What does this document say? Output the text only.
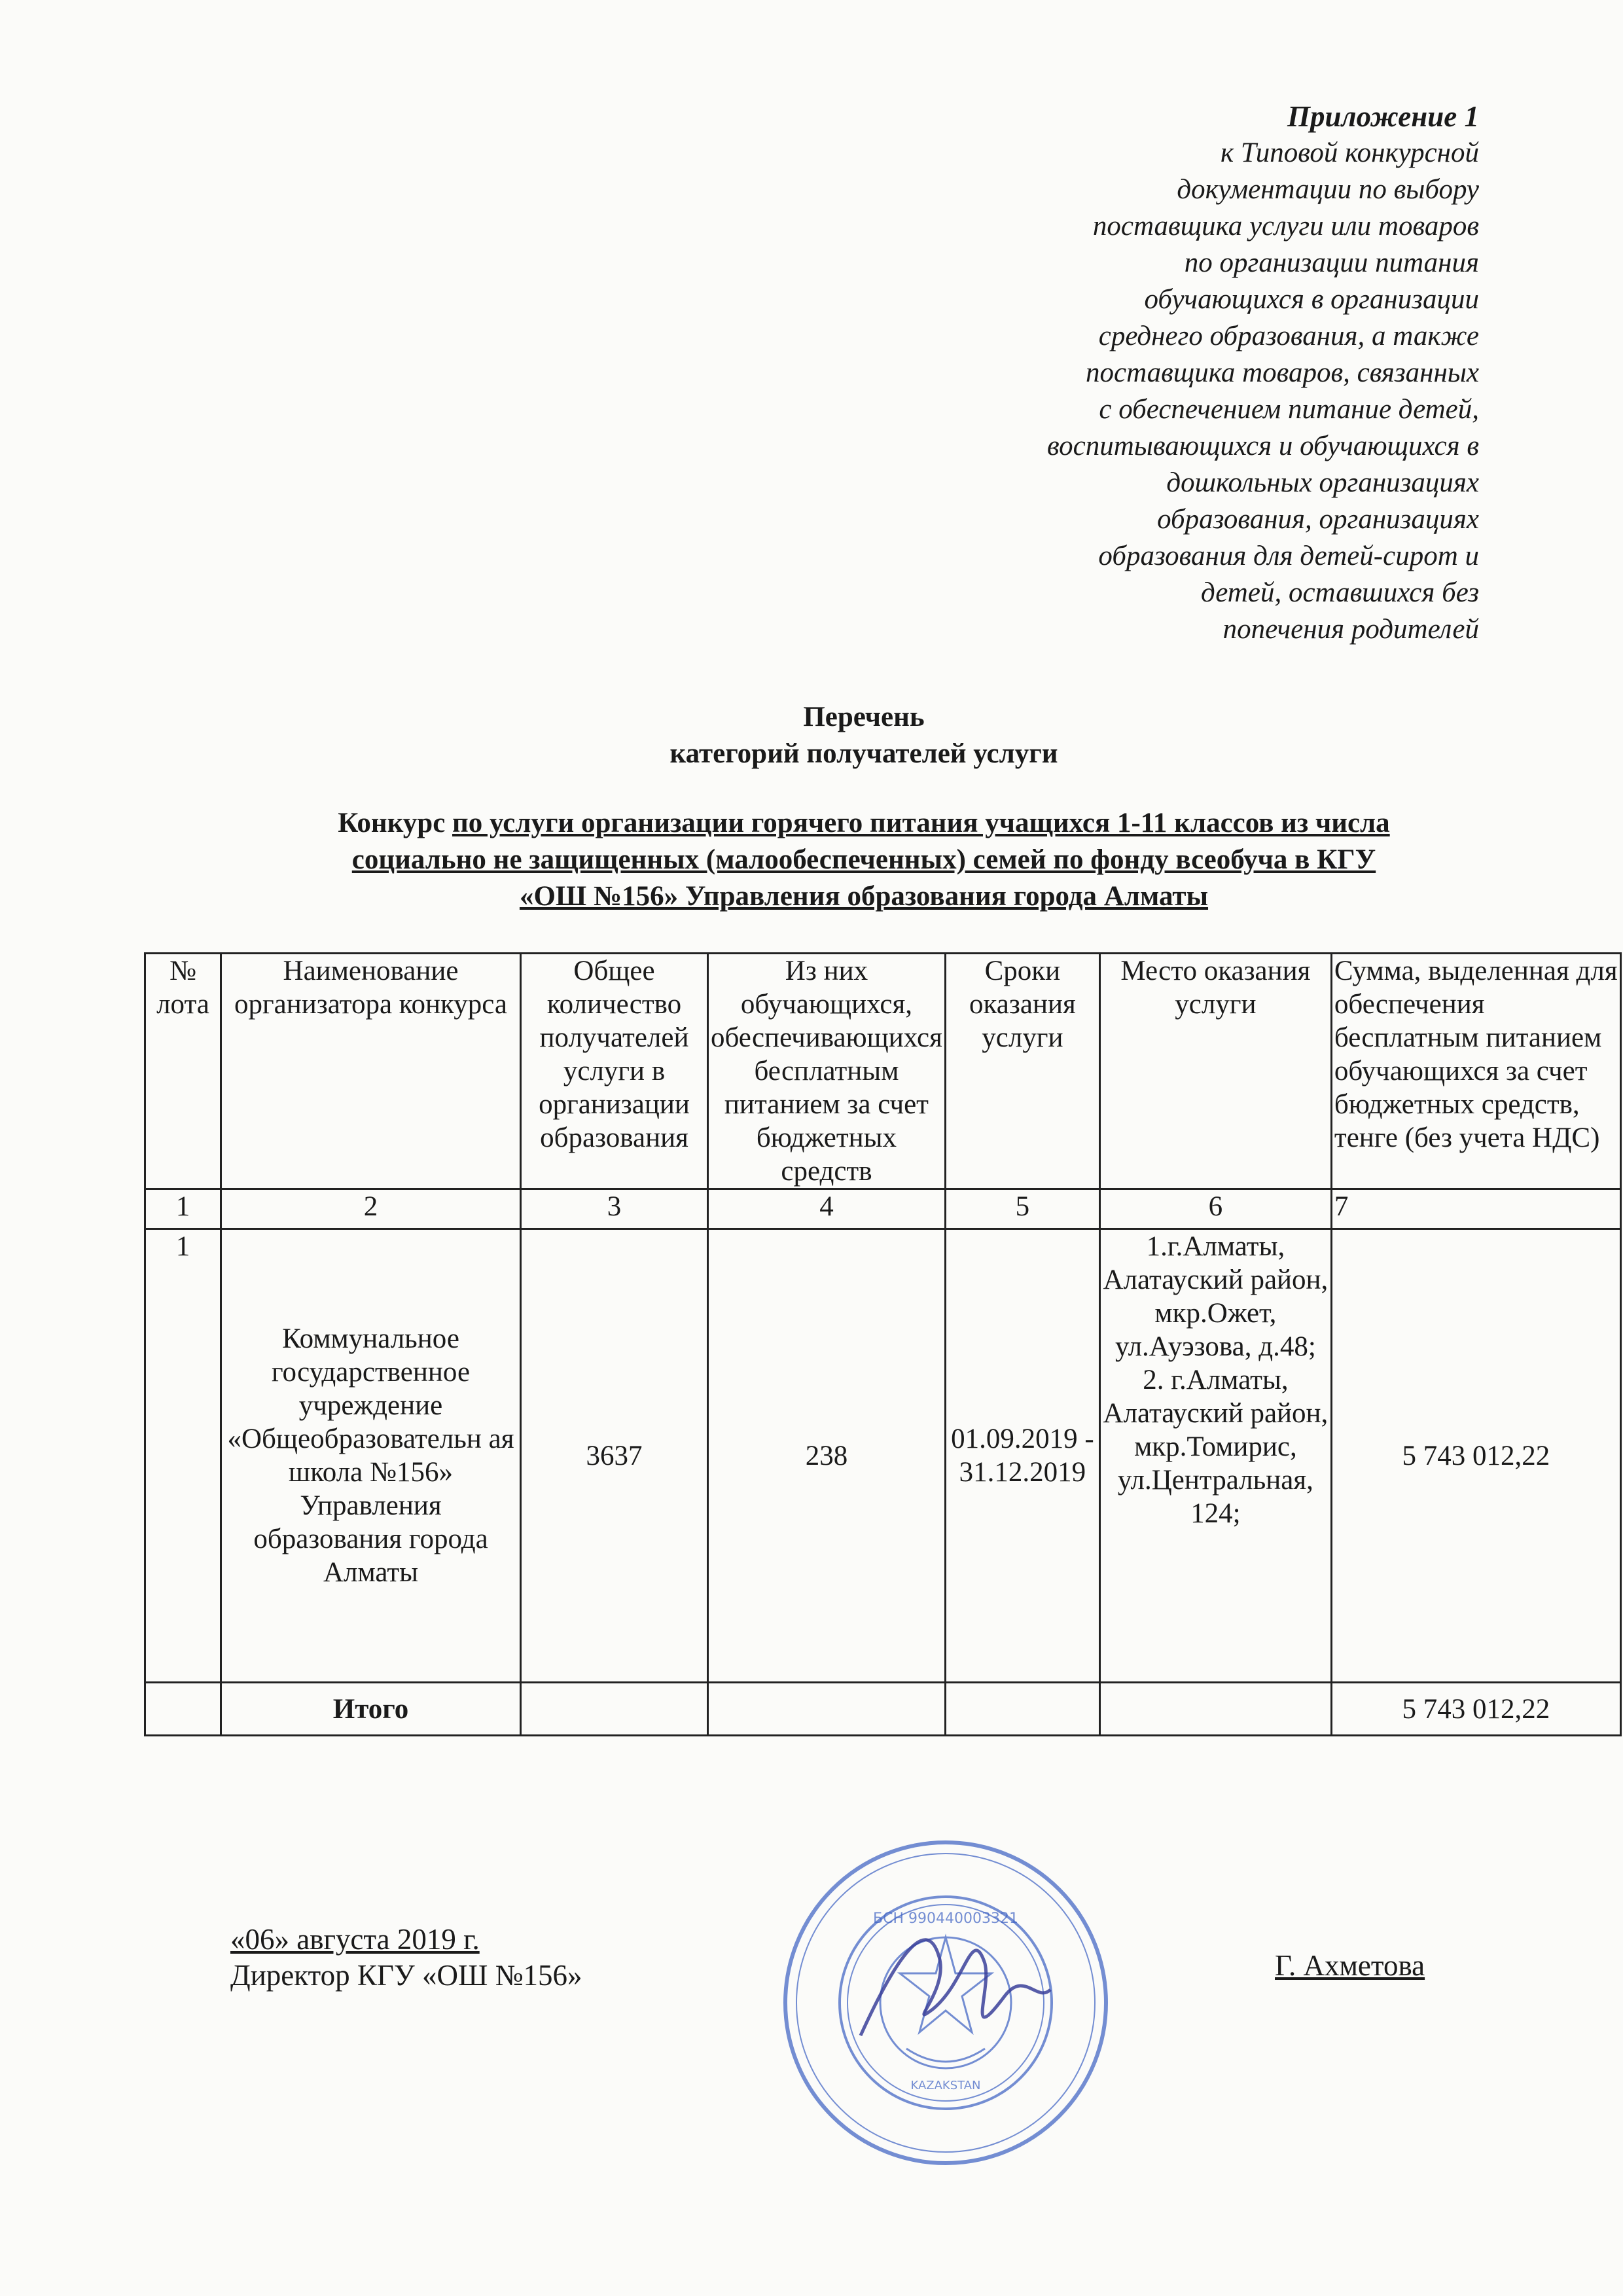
Приложение 1
к Типовой конкурсной
документации по выбору
поставщика услуги или товаров
по организации питания
обучающихся в организации
среднего образования, а также
поставщика товаров, связанных
с обеспечением питание детей,
воспитывающихся и обучающихся в
дошкольных организациях
образования, организациях
образования для детей-сирот и
детей, оставшихся без
попечения родителей
Перечень
категорий получателей услуги
Конкурс по услуги организации горячего питания учащихся 1-11 классов из числа
социально не защищенных (малообеспеченных) семей по фонду всеобуча в КГУ
«ОШ №156» Управления образования города Алматы
№ лота	Наименование организатора конкурса	Общее количество получателей услуги в организации образования	Из них обучающихся, обеспечивающихся бесплатным питанием за счет бюджетных средств	Сроки оказания услуги	Место оказания услуги	Сумма, выделенная для обеспечения бесплатным питанием обучающихся за счет бюджетных средств, тенге (без учета НДС)
1	2	3	4	5	6	7
1	Коммунальное государственное учреждение «Общеобразовательн ая школа №156» Управления образования города Алматы	3637	238	01.09.2019 - 31.12.2019	1.г.Алматы, Алатауский район, мкр.Ожет, ул.Ауэзова, д.48; 2. г.Алматы, Алатауский район, мкр.Томирис, ул.Центральная, 124;	5 743 012,22
	Итого					5 743 012,22
«06» августа 2019 г.
Директор КГУ «ОШ №156»	Г. Ахметова
БСН 990440003321
KAZAKSTAN
